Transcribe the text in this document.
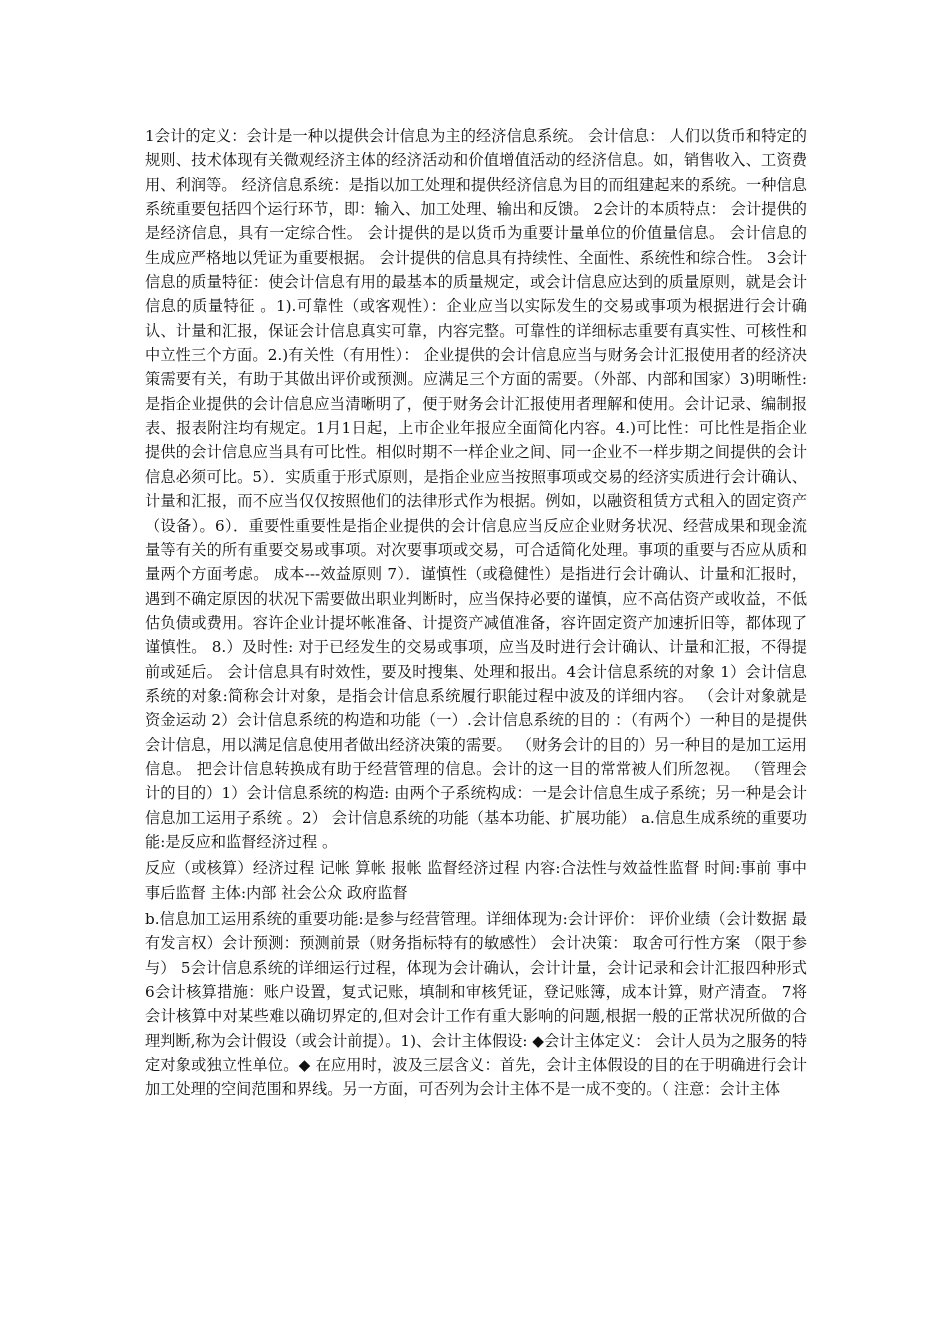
1会计的定义：会计是一种以提供会计信息为主的经济信息系统。 会计信息： 人们以货币和特定的规则、技术体现有关微观经济主体的经济活动和价值增值活动的经济信息。如，销售收入、工资费用、利润等。 经济信息系统：是指以加工处理和提供经济信息为目的而组建起来的系统。一种信息系统重要包括四个运行环节，即：输入、加工处理、输出和反馈。 2会计的本质特点： 会计提供的是经济信息，具有一定综合性。 会计提供的是以货币为重要计量单位的价值量信息。 会计信息的生成应严格地以凭证为重要根据。 会计提供的信息具有持续性、全面性、系统性和综合性。 3会计信息的质量特征：使会计信息有用的最基本的质量规定，或会计信息应达到的质量原则，就是会计信息的质量特征 。1).可靠性（或客观性）：企业应当以实际发生的交易或事项为根据进行会计确认、计量和汇报，保证会计信息真实可靠，内容完整。可靠性的详细标志重要有真实性、可核性和中立性三个方面。2.)有关性（有用性）： 企业提供的会计信息应当与财务会计汇报使用者的经济决策需要有关，有助于其做出评价或预测。应满足三个方面的需要。（外部、内部和国家）3)明晰性:是指企业提供的会计信息应当清晰明了，便于财务会计汇报使用者理解和使用。会计记录、编制报表、报表附注均有规定。1月1日起，上市企业年报应全面简化内容。4.)可比性：可比性是指企业提供的会计信息应当具有可比性。相似时期不一样企业之间、同一企业不一样步期之间提供的会计信息必须可比。5）．实质重于形式原则，是指企业应当按照事项或交易的经济实质进行会计确认、计量和汇报，而不应当仅仅按照他们的法律形式作为根据。例如，以融资租赁方式租入的固定资产（设备）。6）．重要性重要性是指企业提供的会计信息应当反应企业财务状况、经营成果和现金流量等有关的所有重要交易或事项。对次要事项或交易，可合适简化处理。事项的重要与否应从质和量两个方面考虑。 成本---效益原则 7）．谨慎性（或稳健性）是指进行会计确认、计量和汇报时，遇到不确定原因的状况下需要做出职业判断时，应当保持必要的谨慎，应不高估资产或收益，不低估负债或费用。容许企业计提坏帐准备、计提资产减值准备，容许固定资产加速折旧等，都体现了谨慎性。 8.）及时性: 对于已经发生的交易或事项，应当及时进行会计确认、计量和汇报，不得提前或延后。 会计信息具有时效性，要及时搜集、处理和报出。4会计信息系统的对象 1）会计信息系统的对象:简称会计对象，是指会计信息系统履行职能过程中波及的详细内容。 （会计对象就是资金运动 2）会计信息系统的构造和功能（一）.会计信息系统的目的 ：（有两个）一种目的是提供会计信息，用以满足信息使用者做出经济决策的需要。 （财务会计的目的）另一种目的是加工运用信息。 把会计信息转换成有助于经营管理的信息。会计的这一目的常常被人们所忽视。 （管理会计的目的）1）会计信息系统的构造: 由两个子系统构成：一是会计信息生成子系统；另一种是会计信息加工运用子系统 。2） 会计信息系统的功能（基本功能、扩展功能） a.信息生成系统的重要功能:是反应和监督经济过程 。

反应（或核算）经济过程 记帐 算帐 报帐 监督经济过程 内容:合法性与效益性监督 时间:事前 事中 事后监督 主体:内部 社会公众 政府监督

b.信息加工运用系统的重要功能:是参与经营管理。详细体现为:会计评价： 评价业绩（会计数据 最有发言权）会计预测：预测前景（财务指标特有的敏感性） 会计决策： 取舍可行性方案 （限于参与） 5会计信息系统的详细运行过程，体现为会计确认，会计计量，会计记录和会计汇报四种形式 6会计核算措施：账户设置，复式记账，填制和审核凭证，登记账簿，成本计算，财产清查。 7将会计核算中对某些难以确切界定的,但对会计工作有重大影响的问题,根据一般的正常状况所做的合理判断,称为会计假设（或会计前提）。1)、会计主体假设: ◆会计主体定义： 会计人员为之服务的特定对象或独立性单位。◆ 在应用时，波及三层含义：首先，会计主体假设的目的在于明确进行会计加工处理的空间范围和界线。另一方面，可否列为会计主体不是一成不变的。（ 注意：会计主体
